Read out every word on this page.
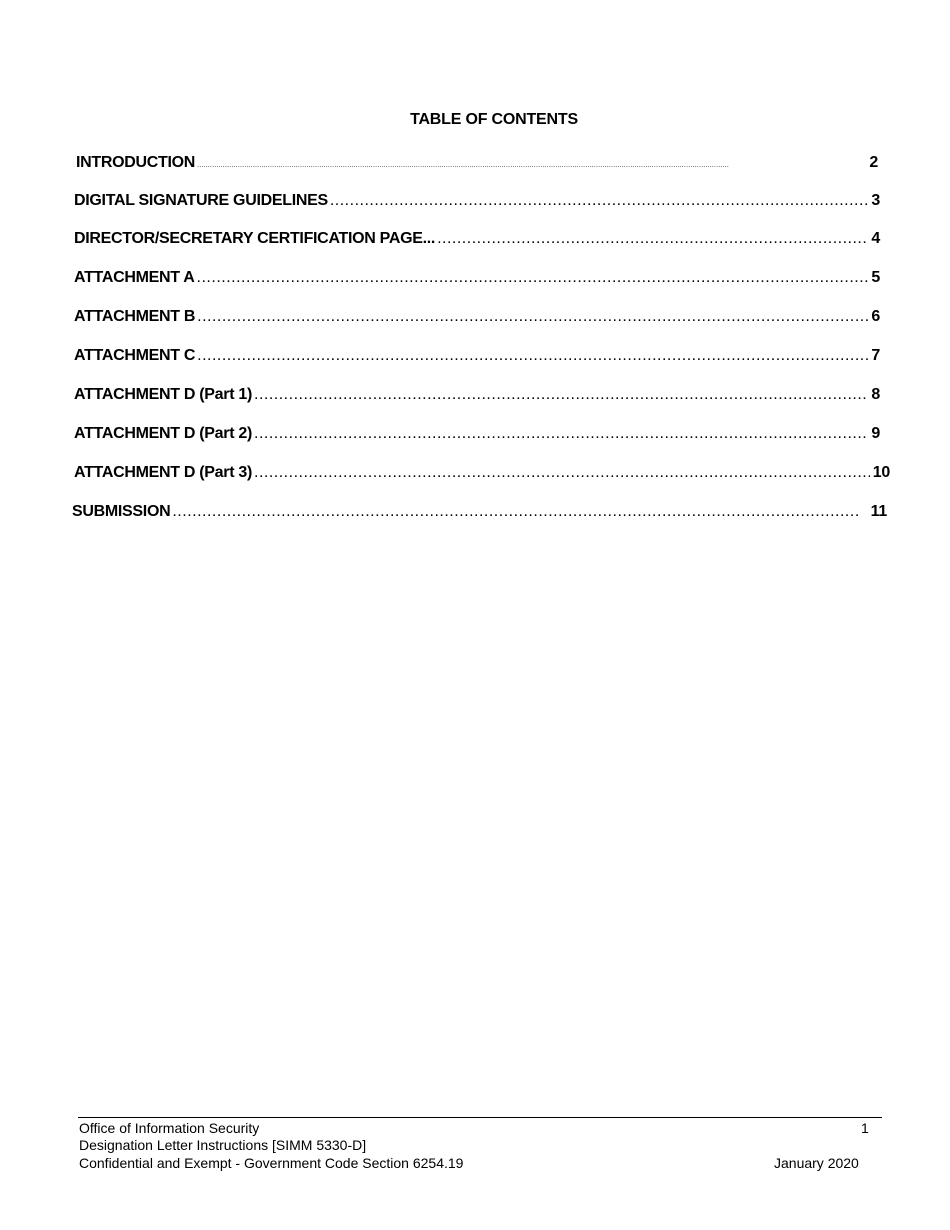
TABLE OF CONTENTS
INTRODUCTION .....	2
DIGITAL SIGNATURE GUIDELINES .....	3
DIRECTOR/SECRETARY CERTIFICATION PAGE... .....	4
ATTACHMENT A .....	5
ATTACHMENT B .....	6
ATTACHMENT C .....	7
ATTACHMENT D (Part 1) .....	8
ATTACHMENT D (Part 2) .....	9
ATTACHMENT D (Part 3) .....	10
SUBMISSION .....	11
Office of Information Security	1
Designation Letter Instructions [SIMM 5330-D]
Confidential and Exempt - Government Code Section 6254.19	January 2020
